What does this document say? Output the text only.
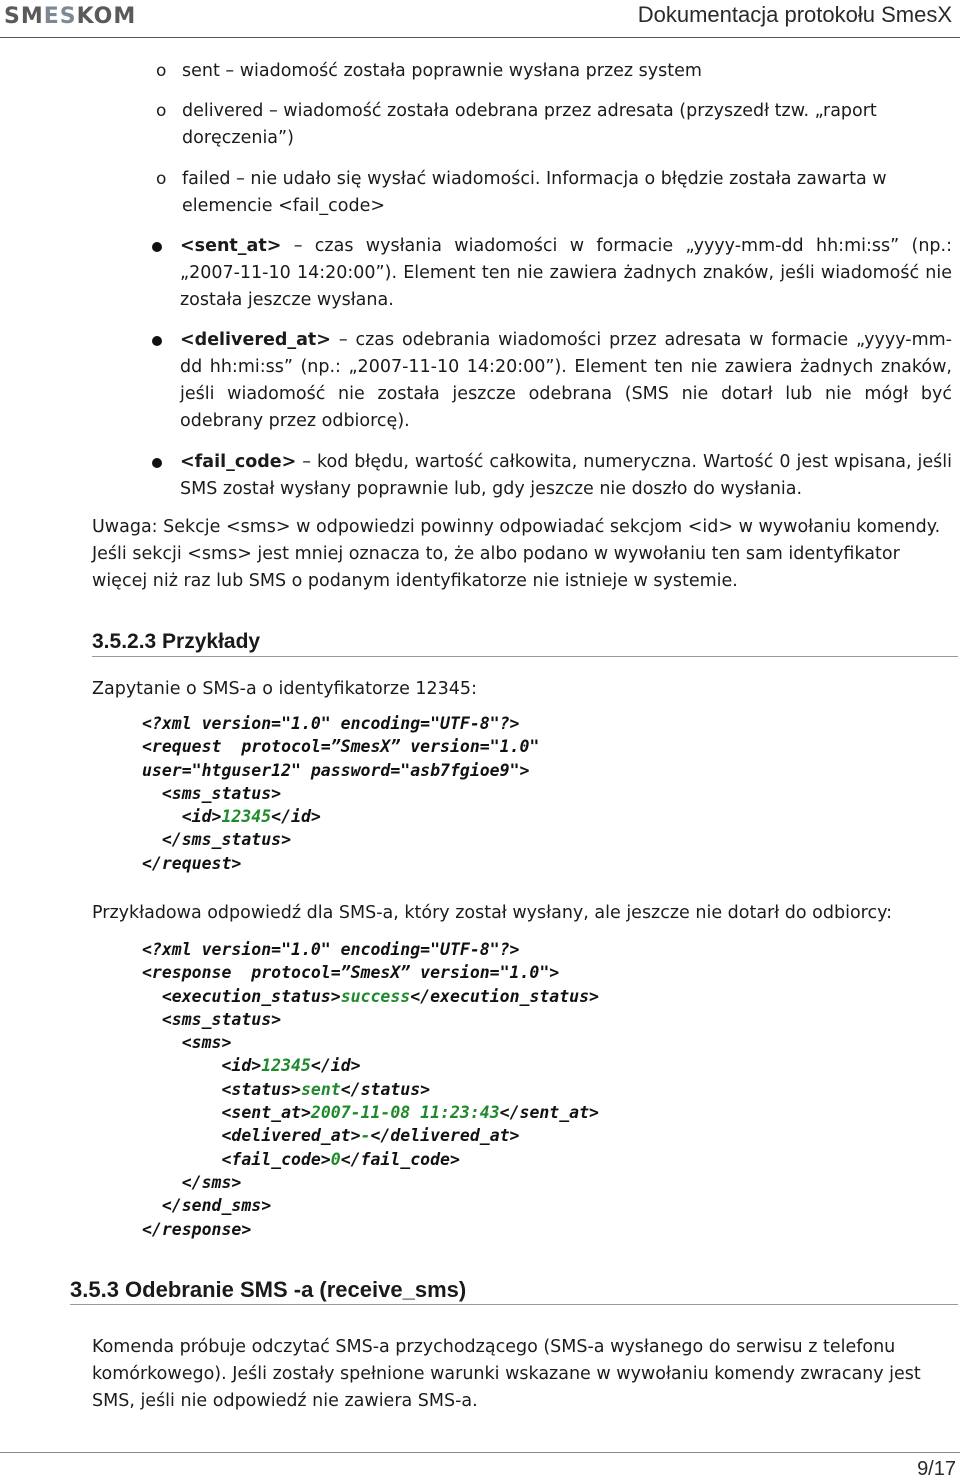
SMESKOM	Dokumentacja protokołu SmesX
o sent – wiadomość została poprawnie wysłana przez system
o delivered – wiadomość została odebrana przez adresata (przyszedł tzw. „raport doręczenia”)
o failed – nie udało się wysłać wiadomości. Informacja o błędzie została zawarta w elemencie <fail_code>
<sent_at> – czas wysłania wiadomości w formacie „yyyy-mm-dd hh:mi:ss” (np.: „2007-11-10 14:20:00”). Element ten nie zawiera żadnych znaków, jeśli wiadomość nie została jeszcze wysłana.
<delivered_at> – czas odebrania wiadomości przez adresata w formacie „yyyy-mm-dd hh:mi:ss” (np.: „2007-11-10 14:20:00”). Element ten nie zawiera żadnych znaków, jeśli wiadomość nie została jeszcze odebrana (SMS nie dotarł lub nie mógł być odebrany przez odbiorcę).
<fail_code> – kod błędu, wartość całkowita, numeryczna. Wartość 0 jest wpisana, jeśli SMS został wysłany poprawnie lub, gdy jeszcze nie doszło do wysłania.
Uwaga: Sekcje <sms> w odpowiedzi powinny odpowiadać sekcjom <id> w wywołaniu komendy. Jeśli sekcji <sms> jest mniej oznacza to, że albo podano w wywołaniu ten sam identyfikator więcej niż raz lub SMS o podanym identyfikatorze nie istnieje w systemie.
3.5.2.3 Przykłady
Zapytanie o SMS-a o identyfikatorze 12345:
<?xml version="1.0" encoding="UTF-8"?>
<request  protocol=”SmesX” version="1.0"
user="htguser12" password="asb7fgioe9">
<sms_status>
<id>12345</id>
</sms_status>
</request>
Przykładowa odpowiedź dla SMS-a, który został wysłany, ale jeszcze nie dotarł do odbiorcy:
<?xml version="1.0" encoding="UTF-8"?>
<response  protocol=”SmesX” version="1.0">
<execution_status>success</execution_status>
<sms_status>
<sms>
<id>12345</id>
<status>sent</status>
<sent_at>2007-11-08 11:23:43</sent_at>
<delivered_at>-</delivered_at>
<fail_code>0</fail_code>
</sms>
</send_sms>
</response>
3.5.3 Odebranie SMS -a (receive_sms)
Komenda próbuje odczytać SMS-a przychodzącego (SMS-a wysłanego do serwisu z telefonu komórkowego). Jeśli zostały spełnione warunki wskazane w wywołaniu komendy zwracany jest SMS, jeśli nie odpowiedź nie zawiera SMS-a.
9/17
